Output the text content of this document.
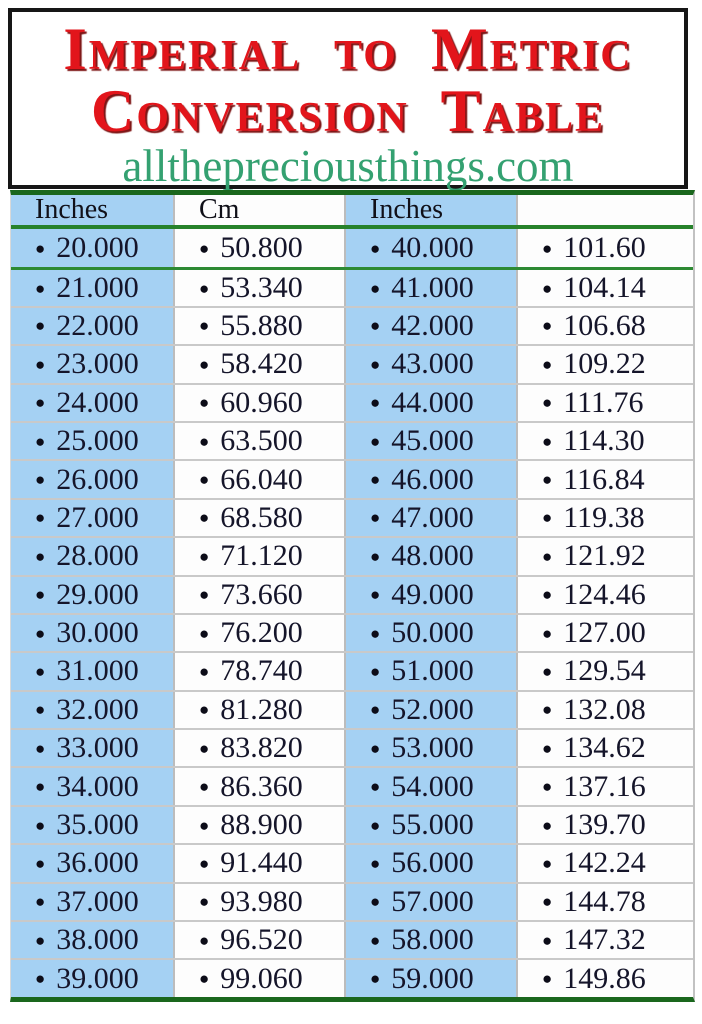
Imperial to Metric
Conversion Table
allthepreciousthings.com
Inches	Cm	Inches
● 20.000	● 50.800	● 40.000	● 101.60
● 21.000	● 53.340	● 41.000	● 104.14
● 22.000	● 55.880	● 42.000	● 106.68
● 23.000	● 58.420	● 43.000	● 109.22
● 24.000	● 60.960	● 44.000	● 111.76
● 25.000	● 63.500	● 45.000	● 114.30
● 26.000	● 66.040	● 46.000	● 116.84
● 27.000	● 68.580	● 47.000	● 119.38
● 28.000	● 71.120	● 48.000	● 121.92
● 29.000	● 73.660	● 49.000	● 124.46
● 30.000	● 76.200	● 50.000	● 127.00
● 31.000	● 78.740	● 51.000	● 129.54
● 32.000	● 81.280	● 52.000	● 132.08
● 33.000	● 83.820	● 53.000	● 134.62
● 34.000	● 86.360	● 54.000	● 137.16
● 35.000	● 88.900	● 55.000	● 139.70
● 36.000	● 91.440	● 56.000	● 142.24
● 37.000	● 93.980	● 57.000	● 144.78
● 38.000	● 96.520	● 58.000	● 147.32
● 39.000	● 99.060	● 59.000	● 149.86
